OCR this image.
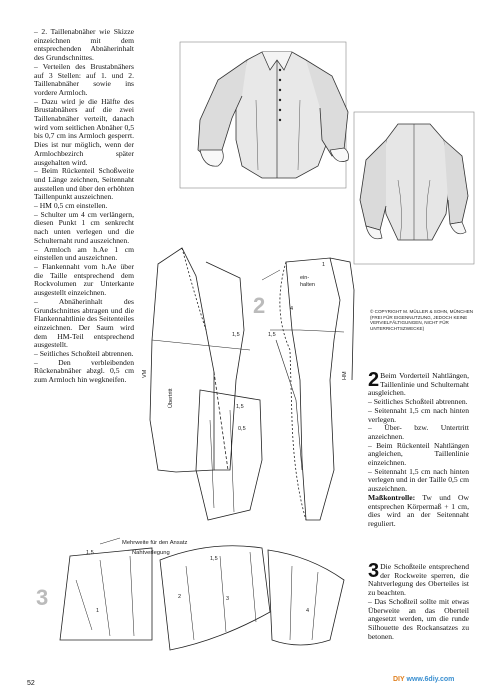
– 2. Taillenabnäher wie Skizze einzeichnen mit dem entsprechenden Abnäherinhalt des Grundschnittes.

– Verteilen des Brustabnähers auf 3 Stellen: auf 1. und 2. Taillenabnäher sowie ins vordere Armloch.

– Dazu wird je die Hälfte des Brustabnähers auf die zwei Taillenabnäher verteilt, danach wird vom seitlichen Abnäher 0,5 bis 0,7 cm ins Armloch gesperrt. Dies ist nur möglich, wenn der Armlochbezirch später ausgehalten wird.

– Beim Rückenteil Schoßweite und Länge zeichnen, Seitennaht ausstellen und über den erhöhten Taillenpunkt auszeichnen.

– HM 0,5 cm einstellen.

– Schulter um 4 cm verlängern, diesen Punkt 1 cm senkrecht nach unten verlegen und die Schulternaht rund auszeichnen.

– Armloch am h.Ae 1 cm einstellen und auszeichnen.

– Flankennaht vom h.Ae über die Taille entsprechend dem Rockvolumen zur Unterkante ausgestellt einzeichnen.

– Abnäherinhalt des Grundschnittes abtragen und die Flankennahtlinie des Seitenteiles einzeichnen. Der Saum wird dem HM-Teil entsprechend ausgestellt.

– Seitliches Schoßteil abtrennen.

– Den verbleibenden Rückenabnäher abzgl. 0,5 cm zum Armloch hin wegkneifen.

© COPYRIGHT M. MÜLLER & SOHN, MÜNCHEN (FREI FÜR EIGENNUTZUNG, JEDOCH KEINE VERVIELFÄLTIGUNGEN, NICHT FÜR UNTERRICHTSZWECKE)

2 Beim Vorderteil Nahtlängen, Taillenlinie und Schulternaht ausgleichen.

– Seitliches Schoßteil abtrennen.

– Seitennaht 1,5 cm nach hinten verlegen.

– Über- bzw. Untertritt anzeichnen.

– Beim Rückenteil Nahtlängen angleichen, Taillenlinie einzeichnen.

– Seitennaht 1,5 cm nach hinten verlegen und in der Taille 0,5 cm auszeichnen.

Maßkontrolle: Tw und Ow entsprechen Körpermaß + 1 cm, dies wird an der Seitennaht reguliert.

3 Die Schoßteile entsprechend der Rockweite sperren, die Nahtverlegung des Oberteiles ist zu beachten.

– Das Schoßteil sollte mit etwas Überweite an das Oberteil angesetzt werden, um die runde Silhouette des Rockansatzes zu betonen.

2
3
52
DIY www.6diy.com
ein-
halten
VM	HM
Übertritt
1,5	1,5
1,5
0,5
4
1
Mehrweite für den Ansatz
Nahtverlegung
1,5
1,5
1
2	3
4
